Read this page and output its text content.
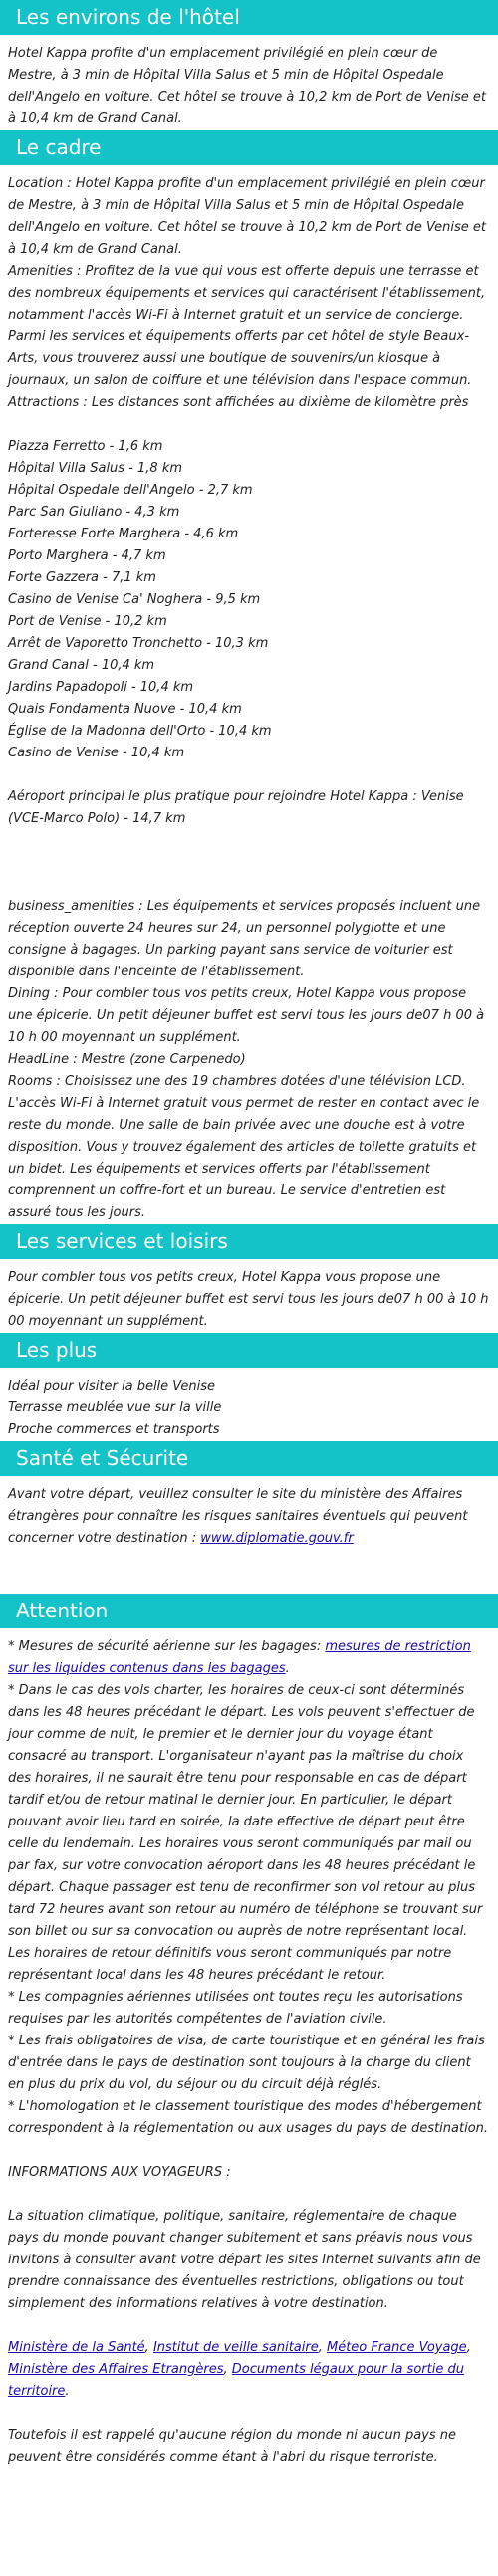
Les environs de l'hôtel
Hotel Kappa profite d'un emplacement privilégié en plein cœur de Mestre, à 3 min de Hôpital Villa Salus et 5 min de Hôpital Ospedale dell'Angelo en voiture. Cet hôtel se trouve à 10,2 km de Port de Venise et à 10,4 km de Grand Canal.
Le cadre
Location : Hotel Kappa profite d'un emplacement privilégié en plein cœur de Mestre, à 3 min de Hôpital Villa Salus et 5 min de Hôpital Ospedale dell'Angelo en voiture. Cet hôtel se trouve à 10,2 km de Port de Venise et à 10,4 km de Grand Canal.
Amenities : Profitez de la vue qui vous est offerte depuis une terrasse et des nombreux équipements et services qui caractérisent l'établissement, notamment l'accès Wi-Fi à Internet gratuit et un service de concierge. Parmi les services et équipements offerts par cet hôtel de style Beaux-Arts, vous trouverez aussi une boutique de souvenirs/un kiosque à journaux, un salon de coiffure et une télévision dans l'espace commun.
Attractions : Les distances sont affichées au dixième de kilomètre près
Piazza Ferretto - 1,6 km
Hôpital Villa Salus - 1,8 km
Hôpital Ospedale dell'Angelo - 2,7 km
Parc San Giuliano - 4,3 km
Forteresse Forte Marghera - 4,6 km
Porto Marghera - 4,7 km
Forte Gazzera - 7,1 km
Casino de Venise Ca' Noghera - 9,5 km
Port de Venise - 10,2 km
Arrêt de Vaporetto Tronchetto - 10,3 km
Grand Canal - 10,4 km
Jardins Papadopoli - 10,4 km
Quais Fondamenta Nuove - 10,4 km
Église de la Madonna dell'Orto - 10,4 km
Casino de Venise - 10,4 km
Aéroport principal le plus pratique pour rejoindre Hotel Kappa : Venise (VCE-Marco Polo) - 14,7 km
business_amenities : Les équipements et services proposés incluent une réception ouverte 24 heures sur 24, un personnel polyglotte et une consigne à bagages. Un parking payant sans service de voiturier est disponible dans l'enceinte de l'établissement.
Dining : Pour combler tous vos petits creux, Hotel Kappa vous propose une épicerie. Un petit déjeuner buffet est servi tous les jours de07 h 00 à 10 h 00 moyennant un supplément.
HeadLine : Mestre (zone Carpenedo)
Rooms : Choisissez une des 19 chambres dotées d'une télévision LCD. L'accès Wi-Fi à Internet gratuit vous permet de rester en contact avec le reste du monde. Une salle de bain privée avec une douche est à votre disposition. Vous y trouvez également des articles de toilette gratuits et un bidet. Les équipements et services offerts par l'établissement comprennent un coffre-fort et un bureau. Le service d'entretien est assuré tous les jours.
Les services et loisirs
Pour combler tous vos petits creux, Hotel Kappa vous propose une épicerie. Un petit déjeuner buffet est servi tous les jours de07 h 00 à 10 h 00 moyennant un supplément.
Les plus
Idéal pour visiter la belle Venise
Terrasse meublée vue sur la ville
Proche commerces et transports
Santé et Sécurite
Avant votre départ, veuillez consulter le site du ministère des Affaires étrangères pour connaître les risques sanitaires éventuels qui peuvent concerner votre destination : www.diplomatie.gouv.fr
Attention
* Mesures de sécurité aérienne sur les bagages: mesures de restriction sur les liquides contenus dans les bagages.
* Dans le cas des vols charter, les horaires de ceux-ci sont déterminés dans les 48 heures précédant le départ. Les vols peuvent s'effectuer de jour comme de nuit, le premier et le dernier jour du voyage étant consacré au transport. L'organisateur n'ayant pas la maîtrise du choix des horaires, il ne saurait être tenu pour responsable en cas de départ tardif et/ou de retour matinal le dernier jour. En particulier, le départ pouvant avoir lieu tard en soirée, la date effective de départ peut être celle du lendemain. Les horaires vous seront communiqués par mail ou par fax, sur votre convocation aéroport dans les 48 heures précédant le départ. Chaque passager est tenu de reconfirmer son vol retour au plus tard 72 heures avant son retour au numéro de téléphone se trouvant sur son billet ou sur sa convocation ou auprès de notre représentant local. Les horaires de retour définitifs vous seront communiqués par notre représentant local dans les 48 heures précédant le retour.
* Les compagnies aériennes utilisées ont toutes reçu les autorisations requises par les autorités compétentes de l'aviation civile.
* Les frais obligatoires de visa, de carte touristique et en général les frais d'entrée dans le pays de destination sont toujours à la charge du client en plus du prix du vol, du séjour ou du circuit déjà réglés.
* L'homologation et le classement touristique des modes d'hébergement correspondent à la réglementation ou aux usages du pays de destination.
INFORMATIONS AUX VOYAGEURS :
La situation climatique, politique, sanitaire, réglementaire de chaque pays du monde pouvant changer subitement et sans préavis nous vous invitons à consulter avant votre départ les sites Internet suivants afin de prendre connaissance des éventuelles restrictions, obligations ou tout simplement des informations relatives à votre destination.
Ministère de la Santé, Institut de veille sanitaire, Méteo France Voyage, Ministère des Affaires Etrangères, Documents légaux pour la sortie du territoire.
Toutefois il est rappelé qu'aucune région du monde ni aucun pays ne peuvent être considérés comme étant à l'abri du risque terroriste.
